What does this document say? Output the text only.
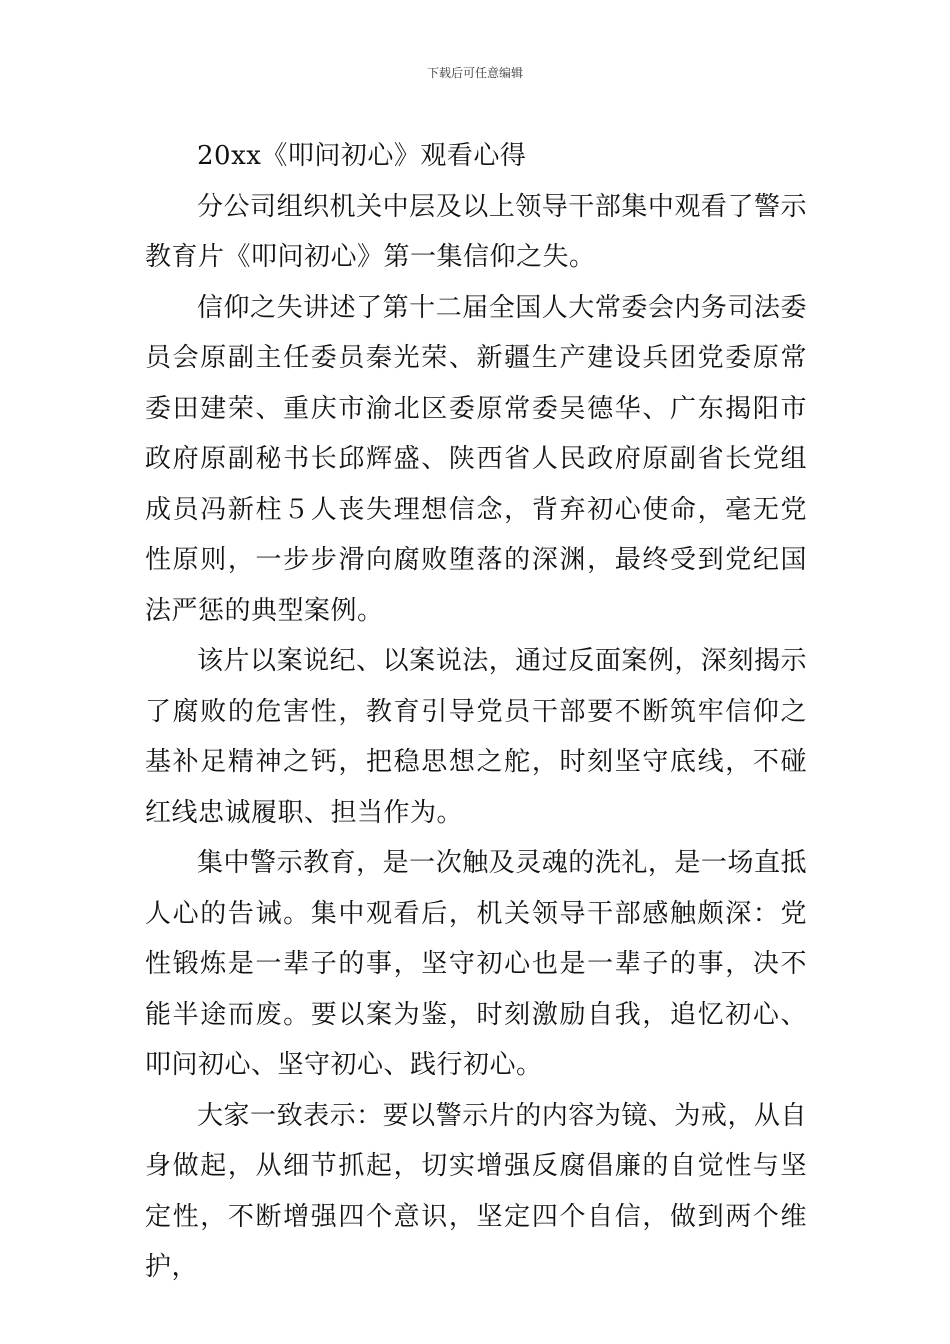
下载后可任意编辑

20xx《叩问初心》观看心得

分公司组织机关中层及以上领导干部集中观看了警示教育片《叩问初心》第一集信仰之失。

信仰之失讲述了第十二届全国人大常委会内务司法委员会原副主任委员秦光荣、新疆生产建设兵团党委原常委田建荣、重庆市渝北区委原常委吴德华、广东揭阳市政府原副秘书长邱辉盛、陕西省人民政府原副省长党组成员冯新柱５人丧失理想信念，背弃初心使命，毫无党性原则，一步步滑向腐败堕落的深渊，最终受到党纪国法严惩的典型案例。

该片以案说纪、以案说法，通过反面案例，深刻揭示了腐败的危害性，教育引导党员干部要不断筑牢信仰之基补足精神之钙，把稳思想之舵，时刻坚守底线，不碰红线忠诚履职、担当作为。

集中警示教育，是一次触及灵魂的洗礼，是一场直抵人心的告诫。集中观看后，机关领导干部感触颇深：党性锻炼是一辈子的事，坚守初心也是一辈子的事，决不能半途而废。要以案为鉴，时刻激励自我，追忆初心、叩问初心、坚守初心、践行初心。

大家一致表示：要以警示片的内容为镜、为戒，从自身做起，从细节抓起，切实增强反腐倡廉的自觉性与坚定性，不断增强四个意识，坚定四个自信，做到两个维护，
